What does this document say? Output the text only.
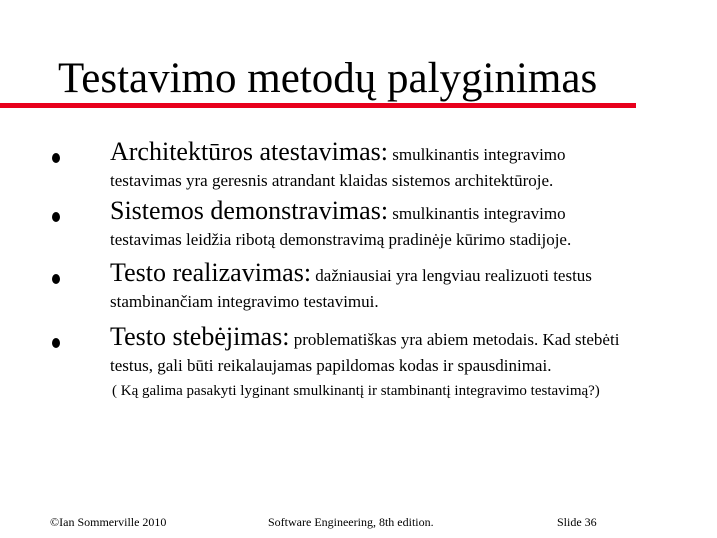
Testavimo metodų palyginimas
Architektūros atestavimas: smulkinantis integravimo
testavimas yra geresnis atrandant klaidas sistemos architektūroje.
Sistemos demonstravimas: smulkinantis integravimo
testavimas leidžia ribotą demonstravimą pradinėje kūrimo stadijoje.
Testo realizavimas: dažniausiai yra lengviau realizuoti testus
stambinančiam integravimo testavimui.
Testo stebėjimas: problematiškas yra abiem metodais. Kad stebėti
testus, gali būti reikalaujamas papildomas kodas ir spausdinimai.
( Ką galima pasakyti lyginant smulkinantį ir stambinantį integravimo testavimą?)
©Ian Sommerville 2010	Software Engineering, 8th edition.	Slide 36
